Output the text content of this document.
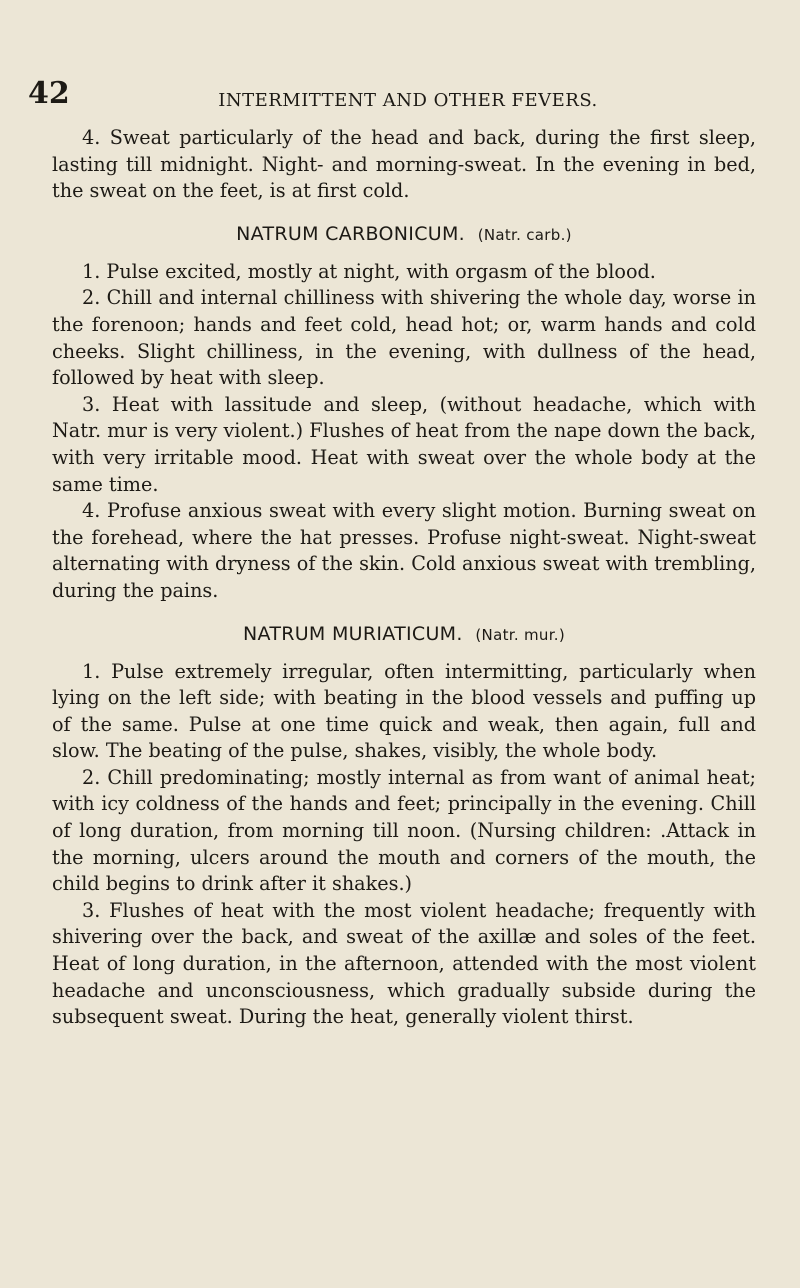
42	INTERMITTENT AND OTHER FEVERS.

4. Sweat particularly of the head and back, during the first sleep, lasting till midnight. Night- and morning-sweat. In the evening in bed, the sweat on the feet, is at first cold.

NATRUM CARBONICUM. (Natr. carb.)

1. Pulse excited, mostly at night, with orgasm of the blood.

2. Chill and internal chilliness with shivering the whole day, worse in the forenoon; hands and feet cold, head hot; or, warm hands and cold cheeks. Slight chilliness, in the evening, with dullness of the head, followed by heat with sleep.

3. Heat with lassitude and sleep, (without headache, which with Natr. mur is very violent.) Flushes of heat from the nape down the back, with very irritable mood. Heat with sweat over the whole body at the same time.

4. Profuse anxious sweat with every slight motion. Burning sweat on the forehead, where the hat presses. Profuse night-sweat. Night-sweat alternating with dryness of the skin. Cold anxious sweat with trembling, during the pains.

NATRUM MURIATICUM. (Natr. mur.)

1. Pulse extremely irregular, often intermitting, particularly when lying on the left side; with beating in the blood vessels and puffing up of the same. Pulse at one time quick and weak, then again, full and slow. The beating of the pulse, shakes, visibly, the whole body.

2. Chill predominating; mostly internal as from want of animal heat; with icy coldness of the hands and feet; principally in the evening. Chill of long duration, from morning till noon. (Nursing children: .Attack in the morning, ulcers around the mouth and corners of the mouth, the child begins to drink after it shakes.)

3. Flushes of heat with the most violent headache; frequently with shivering over the back, and sweat of the axillæ and soles of the feet. Heat of long duration, in the afternoon, attended with the most violent headache and unconsciousness, which gradually subside during the subsequent sweat. During the heat, generally violent thirst.
